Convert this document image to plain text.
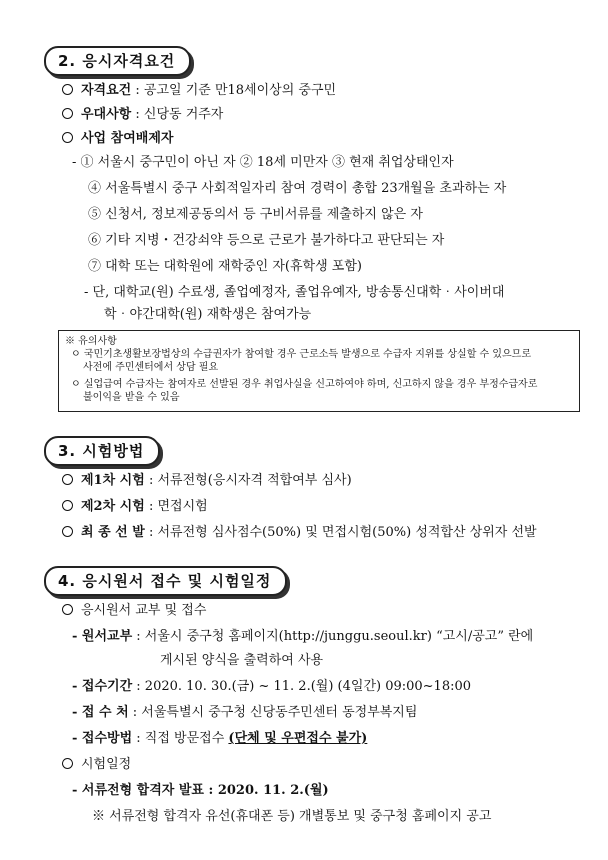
2. 응시자격요건
자격요건 : 공고일 기준 만18세이상의 중구민
우대사항 : 신당동 거주자
사업 참여배제자
- ① 서울시 중구민이 아닌 자 ② 18세 미만자 ③ 현재 취업상태인자
④ 서울특별시 중구 사회적일자리 참여 경력이 총합 23개월을 초과하는 자
⑤ 신청서, 정보제공동의서 등 구비서류를 제출하지 않은 자
⑥ 기타 지병・건강쇠약 등으로 근로가 불가하다고 판단되는 자
⑦ 대학 또는 대학원에 재학중인 자(휴학생 포함)
- 단, 대학교(원) 수료생, 졸업예정자, 졸업유예자, 방송통신대학‧사이버대
학‧야간대학(원) 재학생은 참여가능
※ 유의사항
ㅇ 국민기초생활보장법상의 수급권자가 참여할 경우 근로소득 발생으로 수급자 지위를 상실할 수 있으므로
사전에 주민센터에서 상담 필요
ㅇ 실업급여 수급자는 참여자로 선발된 경우 취업사실을 신고하여야 하며, 신고하지 않을 경우 부정수급자로
불이익을 받을 수 있음
3. 시험방법
제1차 시험 : 서류전형(응시자격 적합여부 심사)
제2차 시험 : 면접시험
최 종 선 발 : 서류전형 심사점수(50%) 및 면접시험(50%) 성적합산 상위자 선발
4. 응시원서 접수 및 시험일정
응시원서 교부 및 접수
- 원서교부 : 서울시 중구청 홈페이지(http://junggu.seoul.kr) “고시/공고” 란에
게시된 양식을 출력하여 사용
- 접수기간 : 2020. 10. 30.(금) ~ 11. 2.(월) (4일간) 09:00~18:00
- 접 수 처 : 서울특별시 중구청 신당동주민센터 동정부복지팀
- 접수방법 : 직접 방문접수 (단체 및 우편접수 불가)
시험일정
- 서류전형 합격자 발표 : 2020. 11. 2.(월)
※ 서류전형 합격자 유선(휴대폰 등) 개별통보 및 중구청 홈페이지 공고
